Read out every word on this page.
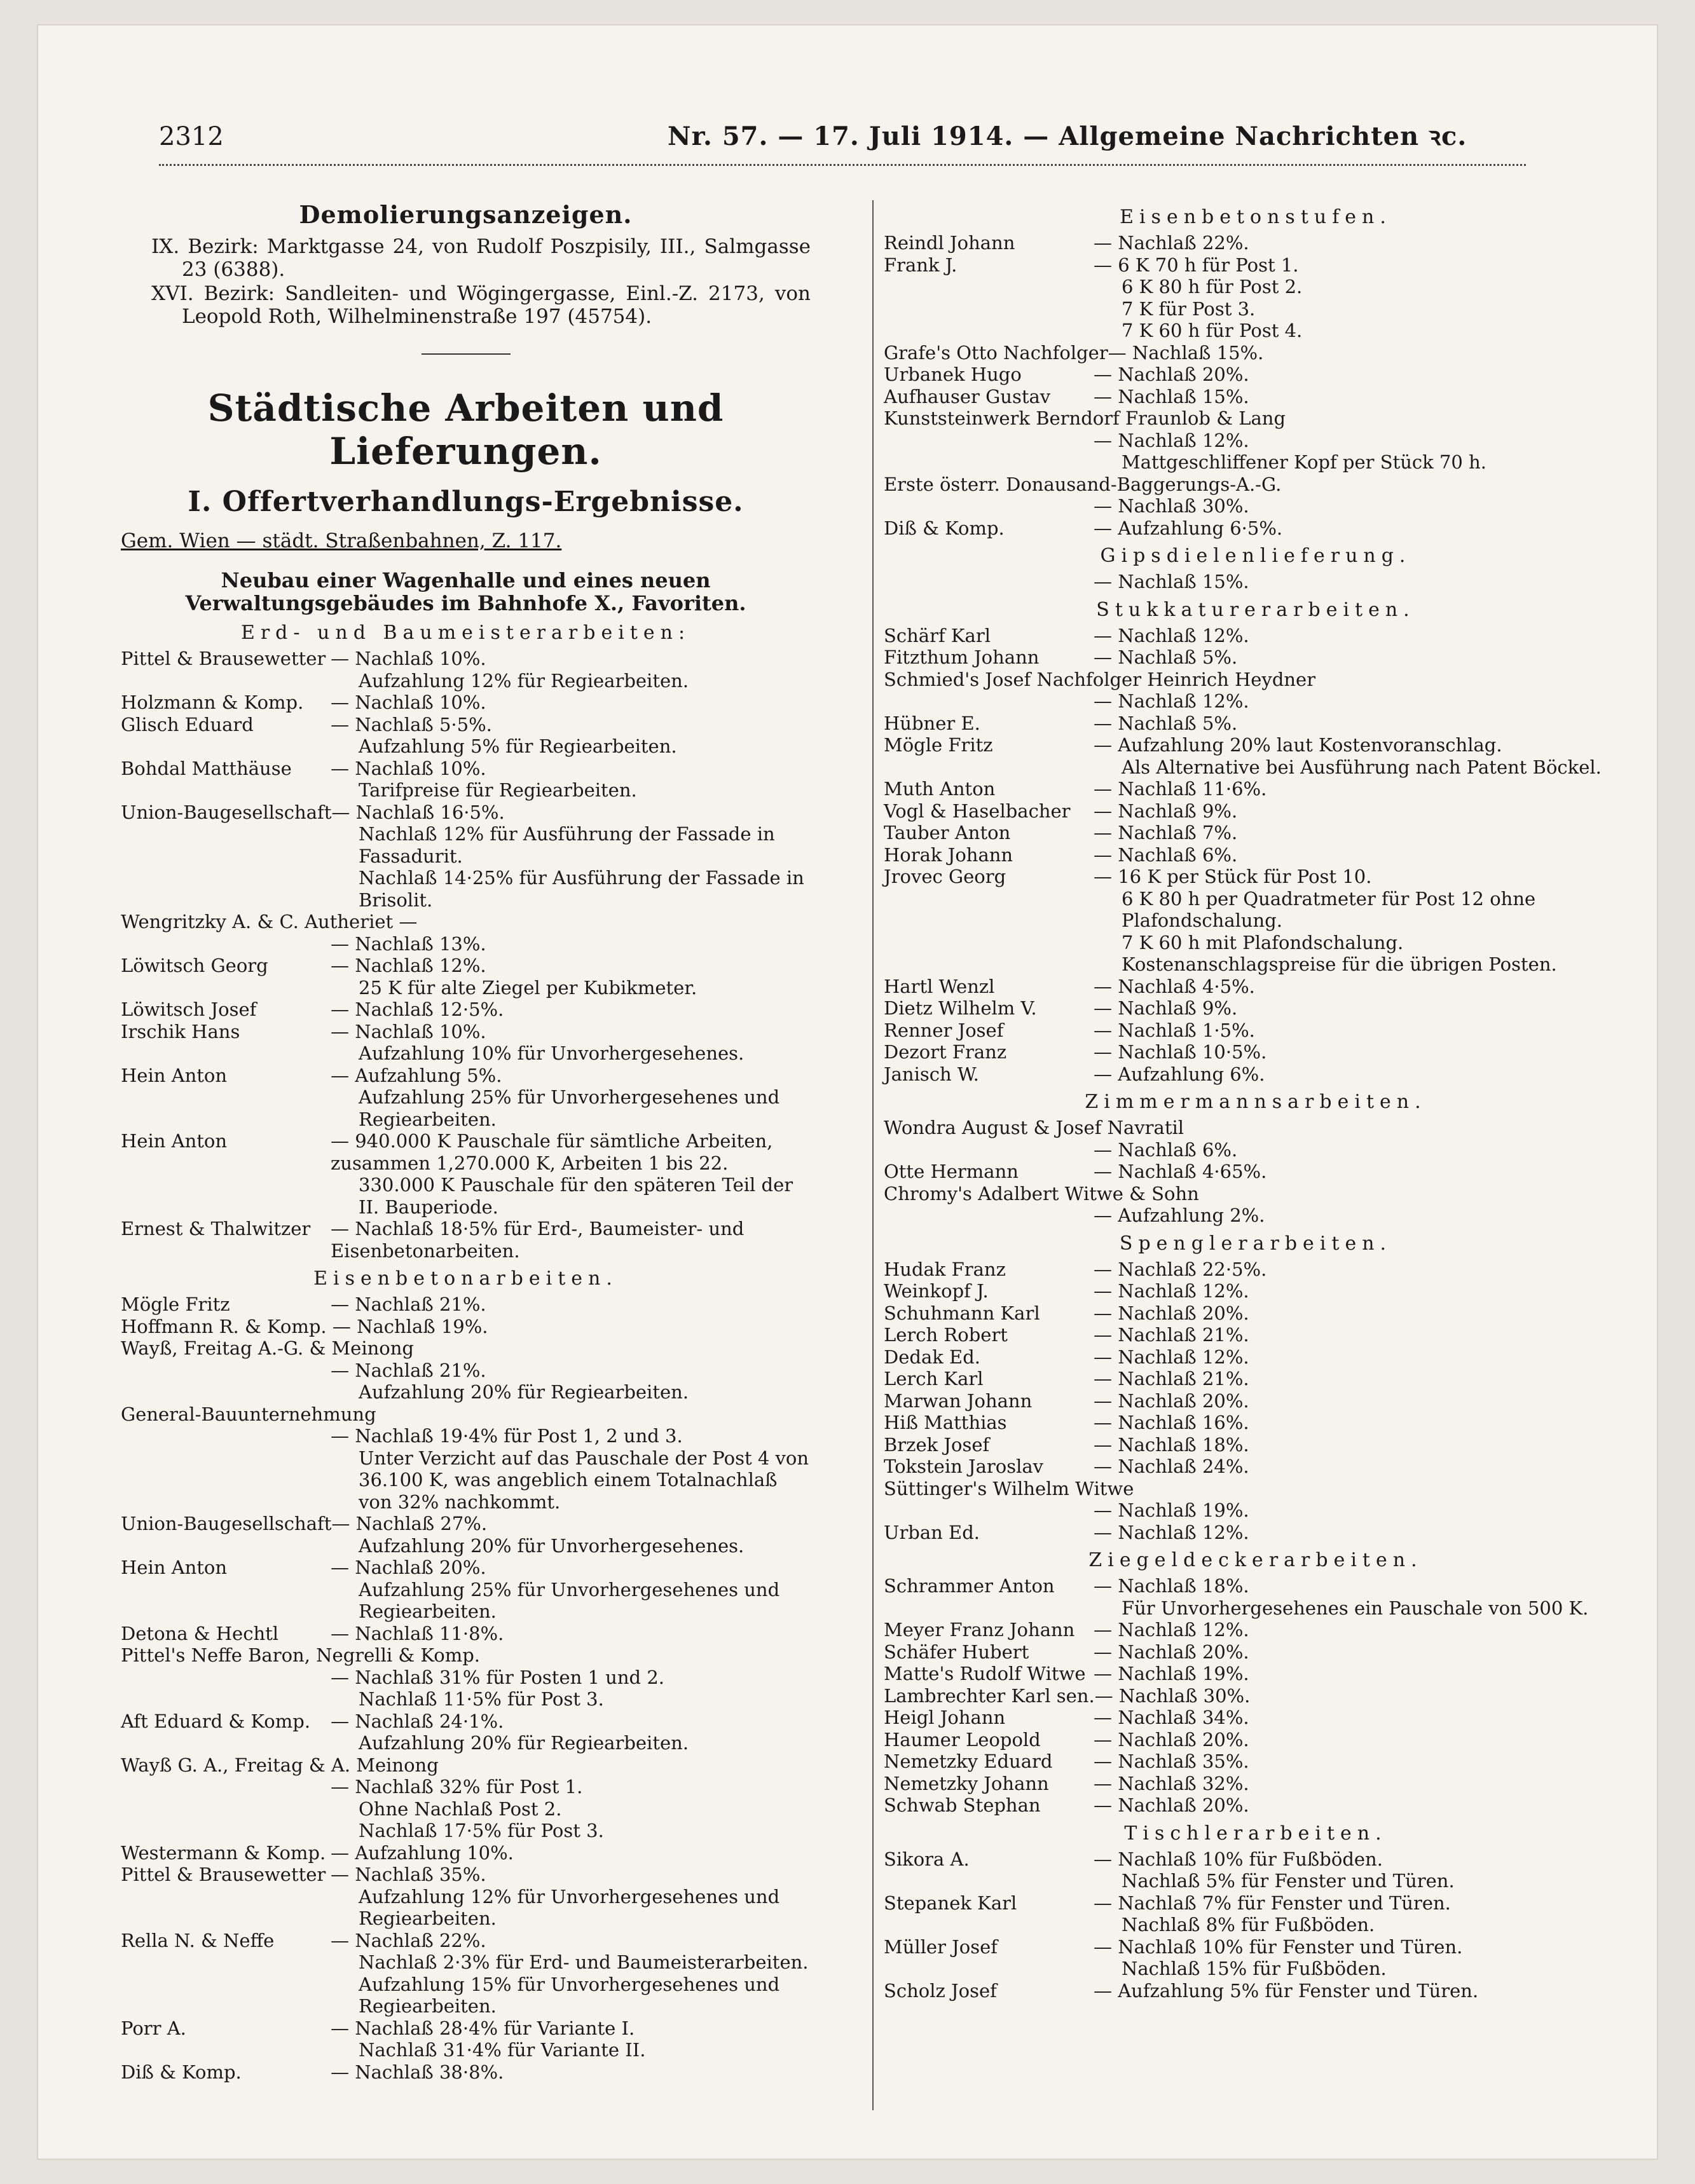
2312	Nr. 57. — 17. Juli 1914. — Allgemeine Nachrichten ꝛc.
Demolierungsanzeigen.
IX. Bezirk: Marktgasse 24, von Rudolf Poszpisily, III., Salmgasse 23 (6388).
XVI. Bezirk: Sandleiten- und Wögingergasse, Einl.-Z. 2173, von Leopold Roth, Wilhelminenstraße 197 (45754).
Städtische Arbeiten und Lieferungen.
I. Offertverhandlungs-Ergebnisse.
Gem. Wien — städt. Straßenbahnen, Z. 117.
Neubau einer Wagenhalle und eines neuen Verwaltungsgebäudes im Bahnhofe X., Favoriten.
Erd- und Baumeisterarbeiten:
Pittel & Brausewetter — Nachlaß 10%.
Aufzahlung 12% für Regiearbeiten.
Holzmann & Komp. — Nachlaß 10%.
Glisch Eduard	— Nachlaß 5·5%.
Aufzahlung 5% für Regiearbeiten.
Bohdal Matthäuse — Nachlaß 10%.
Tarifpreise für Regiearbeiten.
Union-Baugesellschaft — Nachlaß 16·5%.
Nachlaß 12% für Ausführung der Fassade in Fassadurit.
Nachlaß 14·25% für Ausführung der Fassade in Brisolit.
Wengritzky A. & C. Autheriet —
— Nachlaß 13%.
Löwitsch Georg	— Nachlaß 12%.
25 K für alte Ziegel per Kubikmeter.
Löwitsch Josef	— Nachlaß 12·5%.
Irschik Hans	— Nachlaß 10%.
Aufzahlung 10% für Unvorhergesehenes.
Hein Anton	— Aufzahlung 5%.
Aufzahlung 25% für Unvorhergesehenes und Regiearbeiten.
Hein Anton	— 940.000 K Pauschale für sämtliche Arbeiten, zusammen 1,270.000 K, Arbeiten 1 bis 22.
330.000 K Pauschale für den späteren Teil der II. Bauperiode.
Ernest & Thalwitzer — Nachlaß 18·5% für Erd-, Baumeister- und Eisenbetonarbeiten.
Eisenbetonarbeiten.
Mögle Fritz	— Nachlaß 21%.
Hoffmann R. & Komp. — Nachlaß 19%.
Wayß, Freitag A.-G. & Meinong
— Nachlaß 21%.
Aufzahlung 20% für Regiearbeiten.
General-Bauunternehmung
— Nachlaß 19·4% für Post 1, 2 und 3.
Unter Verzicht auf das Pauschale der Post 4 von 36.100 K, was angeblich einem Totalnachlaß von 32% nachkommt.
Union-Baugesellschaft — Nachlaß 27%.
Aufzahlung 20% für Unvorhergesehenes.
Hein Anton	— Nachlaß 20%.
Aufzahlung 25% für Unvorhergesehenes und Regiearbeiten.
Detona & Hechtl	— Nachlaß 11·8%.
Pittel's Neffe Baron, Negrelli & Komp.
— Nachlaß 31% für Posten 1 und 2.
Nachlaß 11·5% für Post 3.
Aft Eduard & Komp. — Nachlaß 24·1%.
Aufzahlung 20% für Regiearbeiten.
Wayß G. A., Freitag & A. Meinong
— Nachlaß 32% für Post 1.
Ohne Nachlaß Post 2.
Nachlaß 17·5% für Post 3.
Westermann & Komp. — Aufzahlung 10%.
Pittel & Brausewetter — Nachlaß 35%.
Aufzahlung 12% für Unvorhergesehenes und Regiearbeiten.
Rella N. & Neffe	— Nachlaß 22%.
Nachlaß 2·3% für Erd- und Baumeisterarbeiten.
Aufzahlung 15% für Unvorhergesehenes und Regiearbeiten.
Porr A.	— Nachlaß 28·4% für Variante I.
Nachlaß 31·4% für Variante II.
Diß & Komp.	— Nachlaß 38·8%.
Eisenbetonstufen.
Reindl Johann	— Nachlaß 22%.
Frank J.	— 6 K 70 h für Post 1.
6 K 80 h für Post 2.
7 K für Post 3.
7 K 60 h für Post 4.
Grafe's Otto Nachfolger — Nachlaß 15%.
Urbanek Hugo	— Nachlaß 20%.
Aufhauser Gustav — Nachlaß 15%.
Kunststeinwerk Berndorf Fraunlob & Lang
— Nachlaß 12%.
Mattgeschliffener Kopf per Stück 70 h.
Erste österr. Donausand-Baggerungs-A.-G.
— Nachlaß 30%.
Diß & Komp.	— Aufzahlung 6·5%.
Gipsdielenlieferung.
— Nachlaß 15%.
Stukkaturerarbeiten.
Schärf Karl	— Nachlaß 12%.
Fitzthum Johann	— Nachlaß 5%.
Schmied's Josef Nachfolger Heinrich Heydner
— Nachlaß 12%.
Hübner E.	— Nachlaß 5%.
Mögle Fritz	— Aufzahlung 20% laut Kostenvoranschlag.
Als Alternative bei Ausführung nach Patent Böckel.
Muth Anton	— Nachlaß 11·6%.
Vogl & Haselbacher — Nachlaß 9%.
Tauber Anton	— Nachlaß 7%.
Horak Johann	— Nachlaß 6%.
Jrovec Georg	— 16 K per Stück für Post 10.
6 K 80 h per Quadratmeter für Post 12 ohne Plafondschalung.
7 K 60 h mit Plafondschalung.
Kostenanschlagspreise für die übrigen Posten.
Hartl Wenzl	— Nachlaß 4·5%.
Dietz Wilhelm V.	— Nachlaß 9%.
Renner Josef	— Nachlaß 1·5%.
Dezort Franz	— Nachlaß 10·5%.
Janisch W.	— Aufzahlung 6%.
Zimmermannsarbeiten.
Wondra August & Josef Navratil
— Nachlaß 6%.
Otte Hermann	— Nachlaß 4·65%.
Chromy's Adalbert Witwe & Sohn
— Aufzahlung 2%.
Spenglerarbeiten.
Hudak Franz	— Nachlaß 22·5%.
Weinkopf J.	— Nachlaß 12%.
Schuhmann Karl	— Nachlaß 20%.
Lerch Robert	— Nachlaß 21%.
Dedak Ed.	— Nachlaß 12%.
Lerch Karl	— Nachlaß 21%.
Marwan Johann	— Nachlaß 20%.
Hiß Matthias	— Nachlaß 16%.
Brzek Josef	— Nachlaß 18%.
Tokstein Jaroslav	— Nachlaß 24%.
Süttinger's Wilhelm Witwe
— Nachlaß 19%.
Urban Ed.	— Nachlaß 12%.
Ziegeldeckerarbeiten.
Schrammer Anton — Nachlaß 18%.
Für Unvorhergesehenes ein Pauschale von 500 K.
Meyer Franz Johann — Nachlaß 12%.
Schäfer Hubert	— Nachlaß 20%.
Matte's Rudolf Witwe — Nachlaß 19%.
Lambrechter Karl sen. — Nachlaß 30%.
Heigl Johann	— Nachlaß 34%.
Haumer Leopold	— Nachlaß 20%.
Nemetzky Eduard — Nachlaß 35%.
Nemetzky Johann — Nachlaß 32%.
Schwab Stephan	— Nachlaß 20%.
Tischlerarbeiten.
Sikora A.	— Nachlaß 10% für Fußböden.
Nachlaß 5% für Fenster und Türen.
Stepanek Karl	— Nachlaß 7% für Fenster und Türen.
Nachlaß 8% für Fußböden.
Müller Josef	— Nachlaß 10% für Fenster und Türen.
Nachlaß 15% für Fußböden.
Scholz Josef	— Aufzahlung 5% für Fenster und Türen.
